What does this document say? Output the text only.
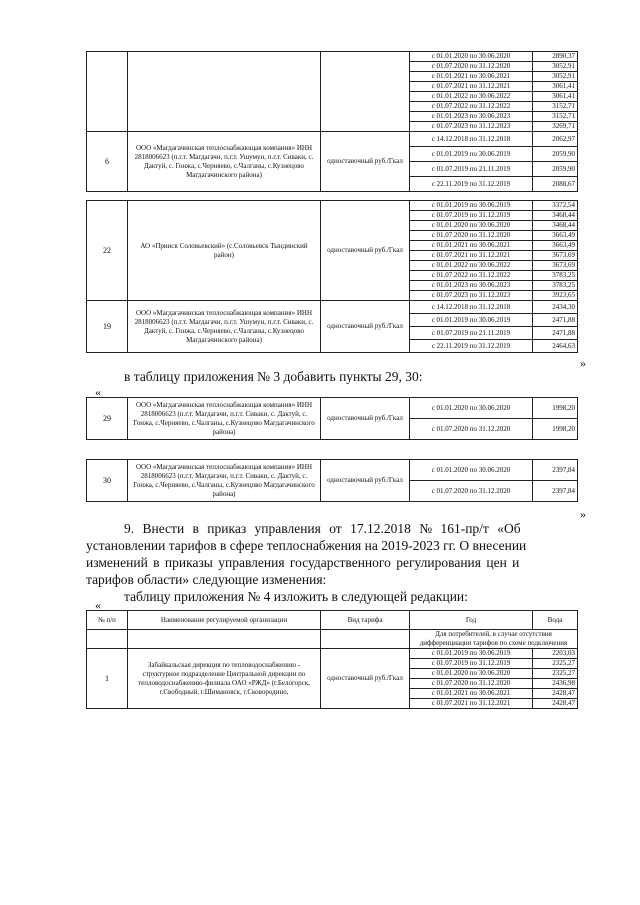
			с 01.01.2020 по 30.06.2020	2890,37
			с 01.07.2020 по 31.12.2020	3052,91
			с 01.01.2021 по 30.06.2021	3052,91
			с 01.07.2021 по 31.12.2021	3061,41
			с 01.01.2022 по 30.06.2022	3061,41
			с 01.07.2022 по 31.12.2022	3152,71
			с 01.01.2023 по 30.06.2023	3152,71
			с 01.07.2023 по 31.12.2023	3269,71
6	ООО «Магдагачинская теплоснабжающая компания» ИНН 2818006623 (п.г.т. Магдагачи, п.г.т. Ушумун, п.г.т. Сиваки, с. Дактуй, с. Гонжа, с.Черняево, с.Чалганы, с.Кузнецово Магдагачинского района)	одноставочный руб./Гкал	с 14.12.2018 по 31.12.2018	2062,97
			с 01.01.2019 по 30.06.2019	2059,90
			с 01.07.2019 по 21.11.2019	2059,90
			с 22.11.2019 по 31.12.2019	2088,67
22	АО «Прииск Соловьевский» (с.Соловьевск Тындинский район)	одноставочный руб./Гкал	с 01.01.2019 по 30.06.2019	3372,54
			с 01.07.2019 по 31.12.2019	3468,44
			с 01.01.2020 по 30.06.2020	3468,44
			с 01.07.2020 по 31.12.2020	3663,49
			с 01.01.2021 по 30.06.2021	3663,49
			с 01.07.2021 по 31.12.2021	3673,69
			с 01.01.2022 по 30.06.2022	3673,69
			с 01.07.2022 по 31.12.2022	3783,25
			с 01.01.2023 по 30.06.2023	3783,25
			с 01.07.2023 по 31.12.2023	3923,65
19	ООО «Магдагачинская теплоснабжающая компания» ИНН 2818006623 (п.г.т. Магдагачи, п.г.т. Ушумун, п.г.т. Сиваки, с. Дактуй, с. Гонжа, с.Черняево, с.Чалганы, с.Кузнецово Магдагачинского района)	одноставочный руб./Гкал	с 14.12.2018 по 31.12.2018	2434,30
			с 01.01.2019 по 30.06.2019	2471,88
			с 01.07.2019 по 21.11.2019	2471,88
			с 22.11.2019 по 31.12.2019	2464,63
»
в таблицу приложения № 3 добавить пункты 29, 30:
«
29	ООО «Магдагачинская теплоснабжающая компания» ИНН 2818006623 (п.г.т. Магдагачи, п.г.т. Сиваки, с. Дактуй, с. Гонжа, с.Черняево, с.Чалганы, с.Кузнецово Магдагачинского района)	одноставочный руб./Гкал	с 01.01.2020 по 30.06.2020	1998,20
			с 01.07.2020 по 31.12.2020	1998,20
30	ООО «Магдагачинская теплоснабжающая компания» ИНН 2818006623 (п.г.т. Магдагачи, п.г.т. Сиваки, с. Дактуй, с. Гонжа, с.Черняево, с.Чалганы, с.Кузнецово Магдагачинского района)	одноставочный руб./Гкал	с 01.01.2020 по 30.06.2020	2397,84
			с 01.07.2020 по 31.12.2020	2397,84
»
9. Внести в приказ управления от 17.12.2018 № 161-пр/т «Об
установлении тарифов в сфере теплоснабжения на 2019-2023 гг. О внесении
изменений в приказы управления государственного регулирования цен и
тарифов области» следующие изменения:
таблицу приложения № 4 изложить в следующей редакции:
«
№ п/п	Наименование регулируемой организации	Вид тарифа	Год	Вода
			Для потребителей, в случае отсутствия дифференциации тарифов по схеме подключения	
1	Забайкальская дирекция по тепловодоснабжению - структурное подразделение Центральной дирекции по тепловодоснабжению-филиала ОАО «РЖД» (г.Белогорск, г.Свободный, г.Шимановск, г.Сковородино,	одноставочный руб./Гкал	с 01.01.2019 по 30.06.2019	2203,03
			с 01.07.2019 по 31.12.2019	2325,27
			с 01.01.2020 по 30.06.2020	2325,27
			с 01.07.2020 по 31.12.2020	2436,98
			с 01.01.2021 по 30.06.2021	2428,47
			с 01.07.2021 по 31.12.2021	2428,47
